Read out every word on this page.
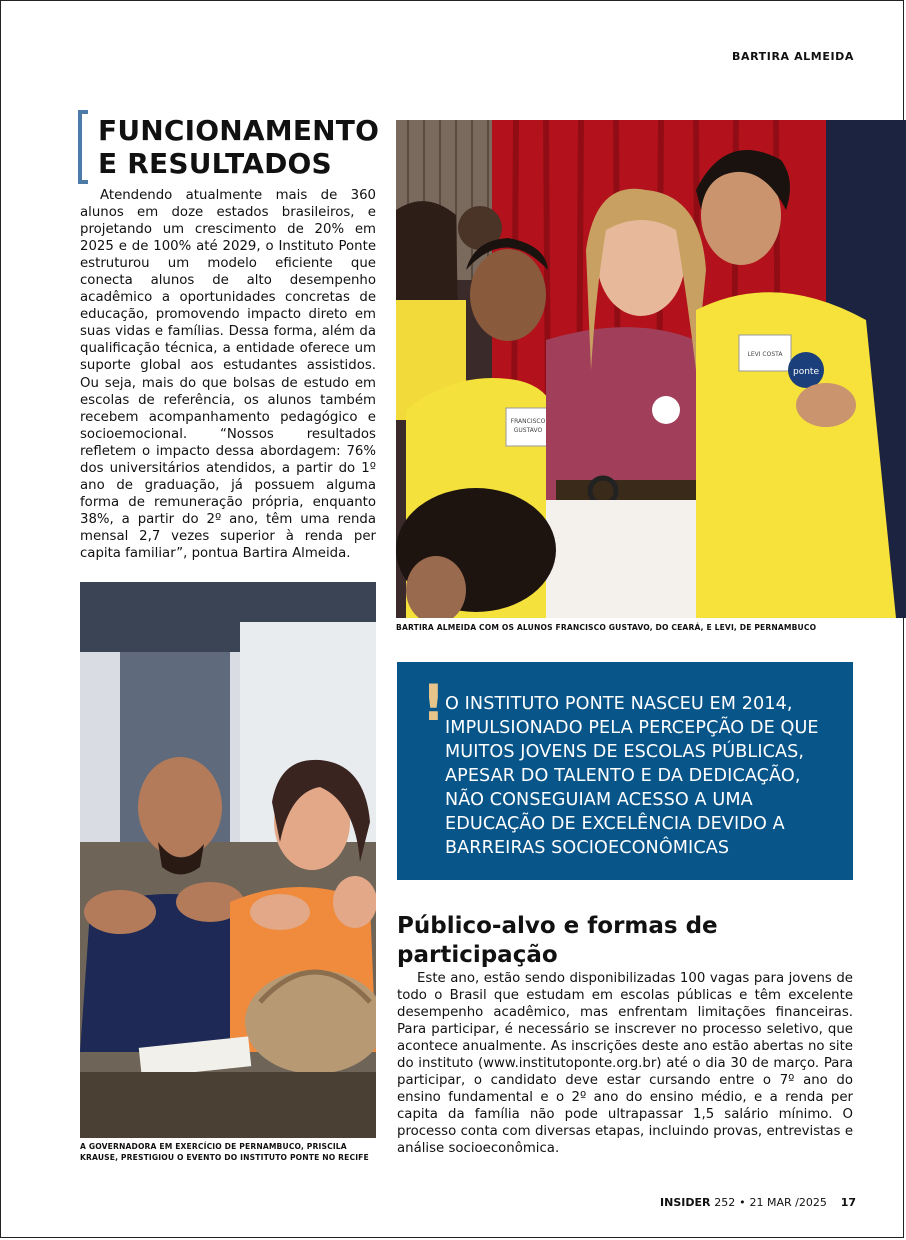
BARTIRA ALMEIDA
FUNCIONAMENTO
E RESULTADOS

Atendendo atualmente mais de 360 alunos em doze estados brasileiros, e projetando um crescimento de 20% em 2025 e de 100% até 2029, o Instituto Ponte estruturou um modelo eficiente que conecta alunos de alto desempenho acadêmico a oportunidades concretas de educação, promovendo impacto direto em suas vidas e famílias. Dessa forma, além da qualificação técnica, a entidade oferece um suporte global aos estudantes assistidos. Ou seja, mais do que bolsas de estudo em escolas de referência, os alunos também recebem acompanhamento pedagógico e socioemocional. “Nossos resultados refletem o impacto dessa abordagem: 76% dos universitários atendidos, a partir do 1º ano de graduação, já possuem alguma forma de remuneração própria, enquanto 38%, a partir do 2º ano, têm uma renda mensal 2,7 vezes superior à renda per capita familiar”, pontua Bartira Almeida.

FRANCISCO
GUSTAVO
LEVI COSTA
ponte

BARTIRA ALMEIDA COM OS ALUNOS FRANCISCO GUSTAVO, DO CEARÁ, E LEVI, DE PERNAMBUCO

A GOVERNADORA EM EXERCÍCIO DE PERNAMBUCO, PRISCILA KRAUSE, PRESTIGIOU O EVENTO DO INSTITUTO PONTE NO RECIFE

! O INSTITUTO PONTE NASCEU EM 2014, IMPULSIONADO PELA PERCEPÇÃO DE QUE MUITOS JOVENS DE ESCOLAS PÚBLICAS, APESAR DO TALENTO E DA DEDICAÇÃO, NÃO CONSEGUIAM ACESSO A UMA EDUCAÇÃO DE EXCELÊNCIA DEVIDO A BARREIRAS SOCIOECONÔMICAS

Público-alvo e formas de participação

Este ano, estão sendo disponibilizadas 100 vagas para jovens de todo o Brasil que estudam em escolas públicas e têm excelente desempenho acadêmico, mas enfrentam limitações financeiras. Para participar, é necessário se inscrever no processo seletivo, que acontece anualmente. As inscrições deste ano estão abertas no site do instituto (www.institutoponte.org.br) até o dia 30 de março. Para participar, o candidato deve estar cursando entre o 7º ano do ensino fundamental e o 2º ano do ensino médio, e a renda per capita da família não pode ultrapassar 1,5 salário mínimo. O processo conta com diversas etapas, incluindo provas, entrevistas e análise socioeconômica.

INSIDER 252 • 21 MAR /2025 17
